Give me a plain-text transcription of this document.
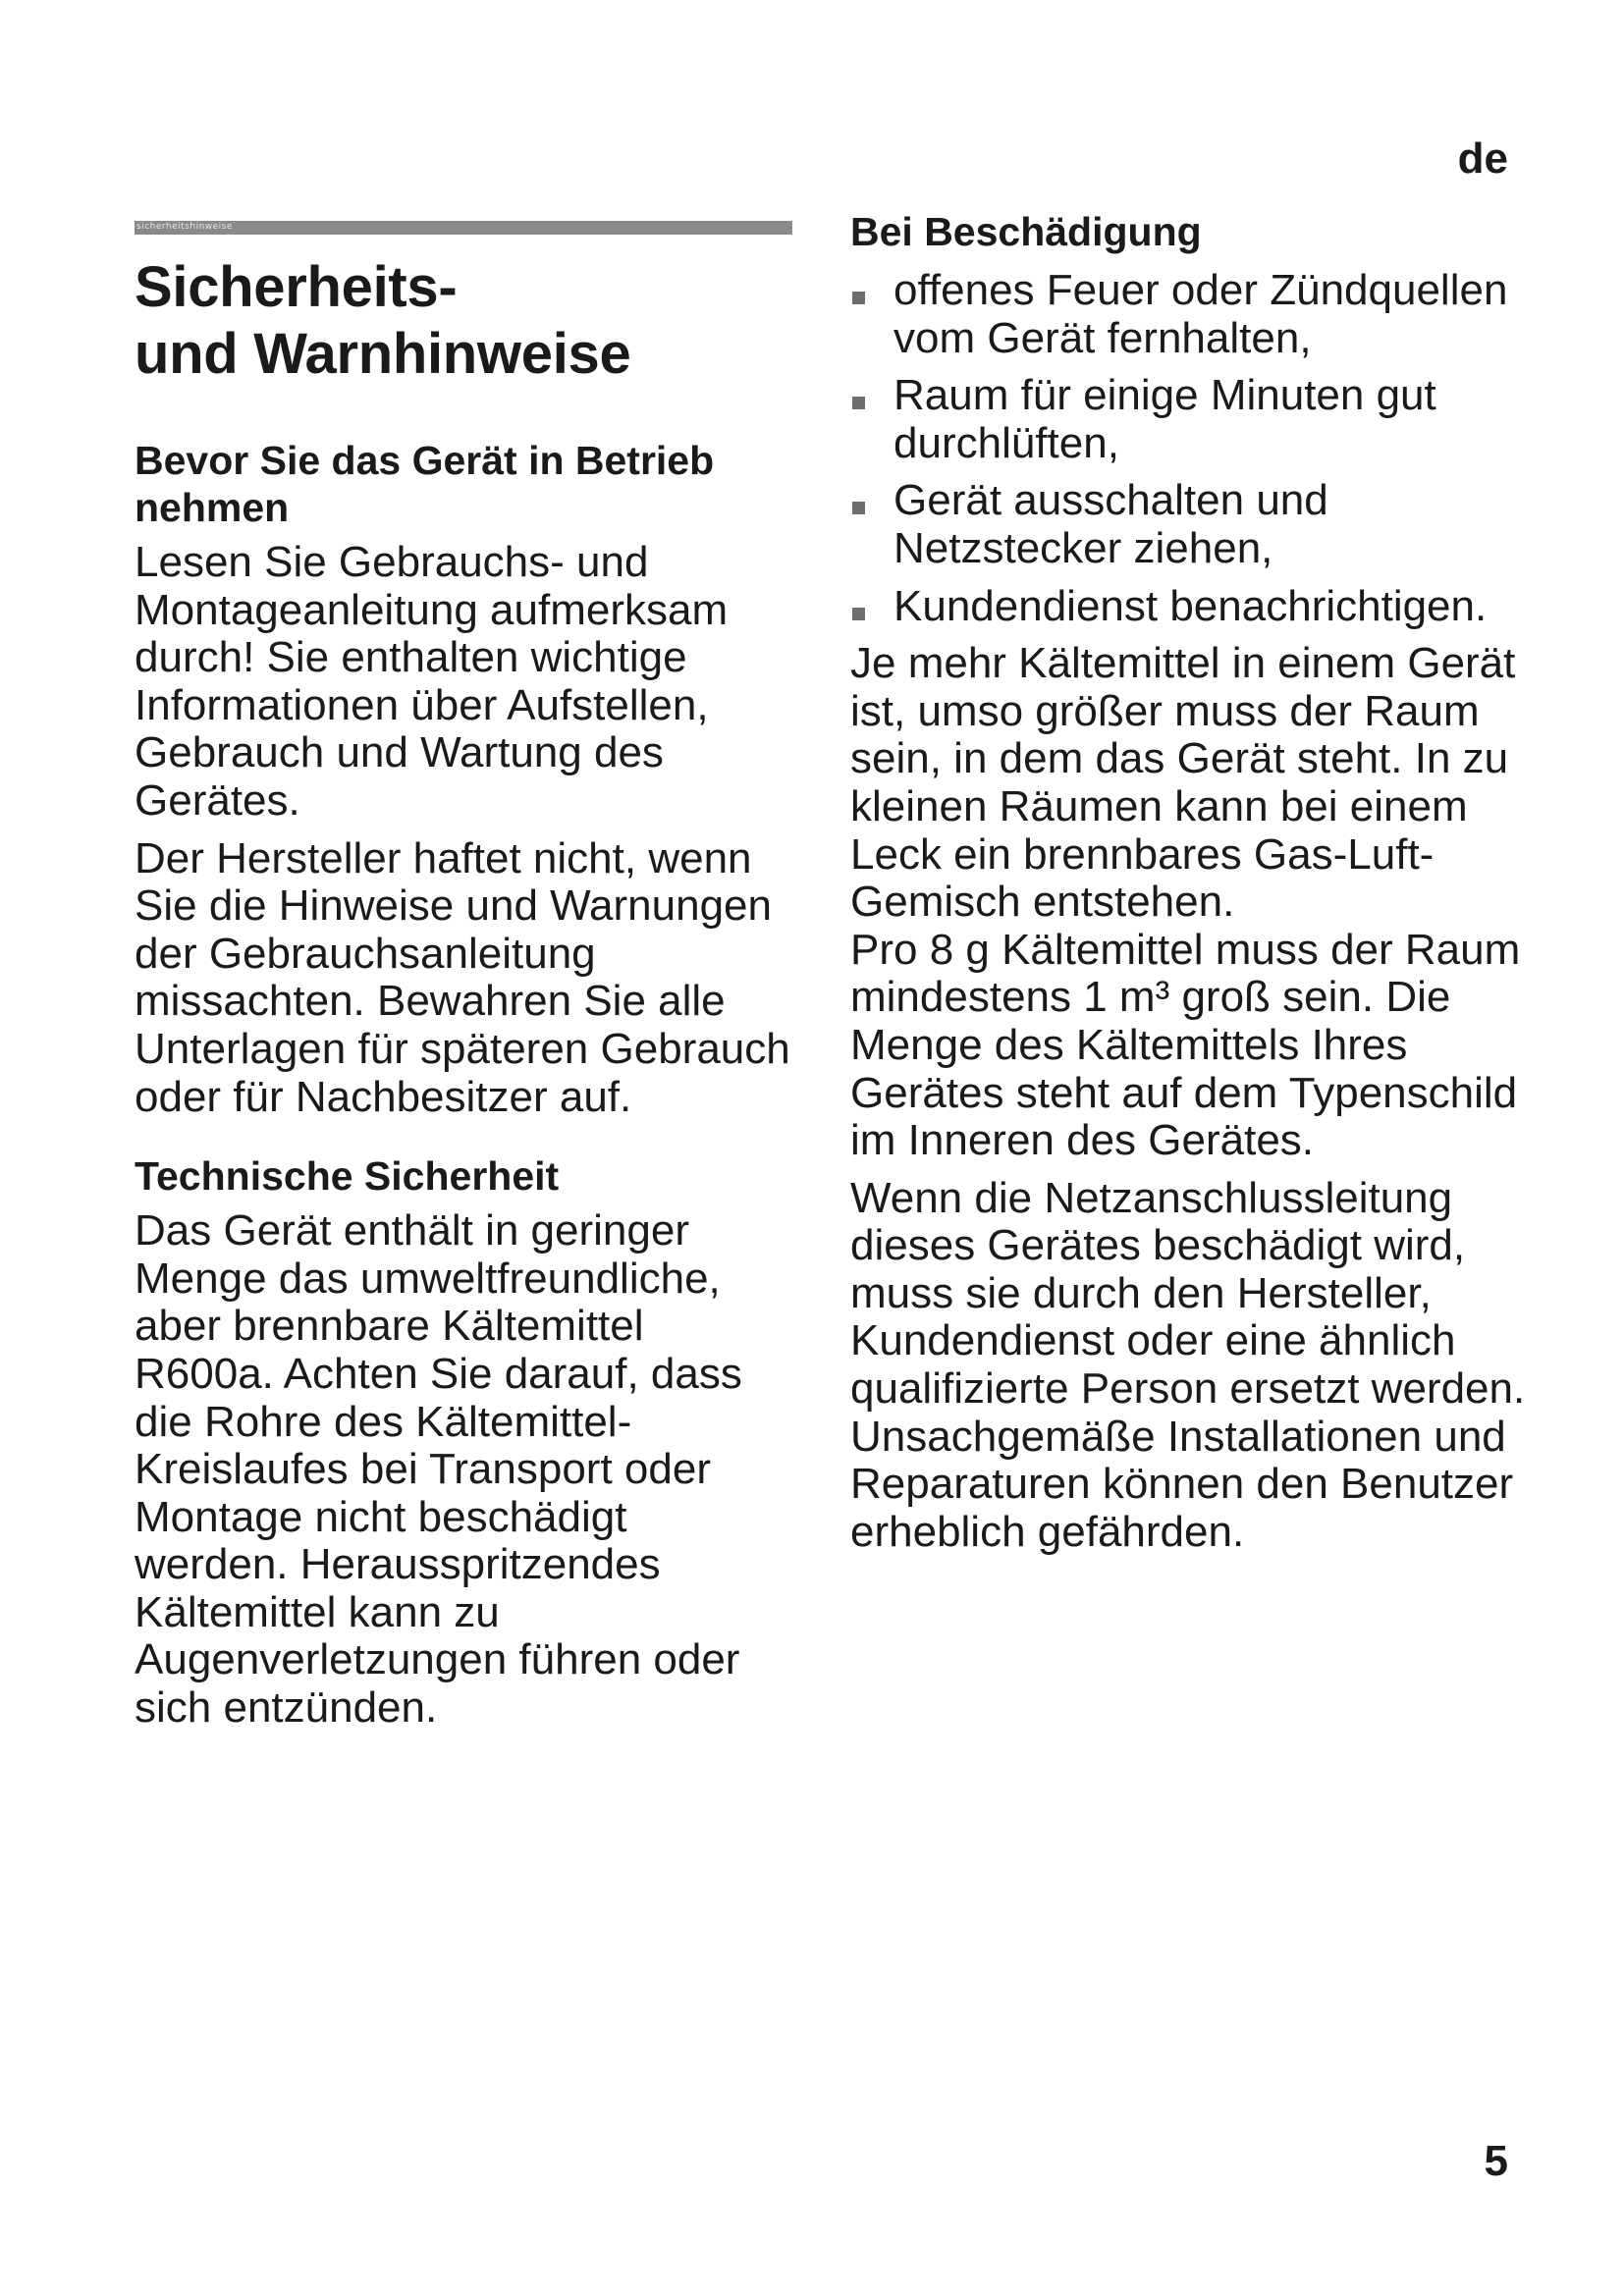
de
sicherheitshinweise
Sicherheits-
und Warnhinweise
Bevor Sie das Gerät in Betrieb nehmen

Lesen Sie Gebrauchs- und Montageanleitung aufmerksam durch! Sie enthalten wichtige Informationen über Aufstellen, Gebrauch und Wartung des Gerätes.

Der Hersteller haftet nicht, wenn Sie die Hinweise und Warnungen der Gebrauchsanleitung missachten. Bewahren Sie alle Unterlagen für späteren Gebrauch oder für Nachbesitzer auf.

Technische Sicherheit

Das Gerät enthält in geringer Menge das umweltfreundliche, aber brennbare Kältemittel R600a. Achten Sie darauf, dass die Rohre des Kältemittel-Kreislaufes bei Transport oder Montage nicht beschädigt werden. Herausspritzendes Kältemittel kann zu Augenverletzungen führen oder sich entzünden.

Bei Beschädigung
offenes Feuer oder Zündquellen vom Gerät fernhalten,
Raum für einige Minuten gut durchlüften,
Gerät ausschalten und Netzstecker ziehen,
Kundendienst benachrichtigen.

Je mehr Kältemittel in einem Gerät ist, umso größer muss der Raum sein, in dem das Gerät steht. In zu kleinen Räumen kann bei einem Leck ein brennbares Gas-Luft-Gemisch entstehen.

Pro 8 g Kältemittel muss der Raum mindestens 1 m³ groß sein. Die Menge des Kältemittels Ihres Gerätes steht auf dem Typenschild im Inneren des Gerätes.

Wenn die Netzanschlussleitung dieses Gerätes beschädigt wird, muss sie durch den Hersteller, Kundendienst oder eine ähnlich qualifizierte Person ersetzt werden. Unsachgemäße Installationen und Reparaturen können den Benutzer erheblich gefährden.

5
